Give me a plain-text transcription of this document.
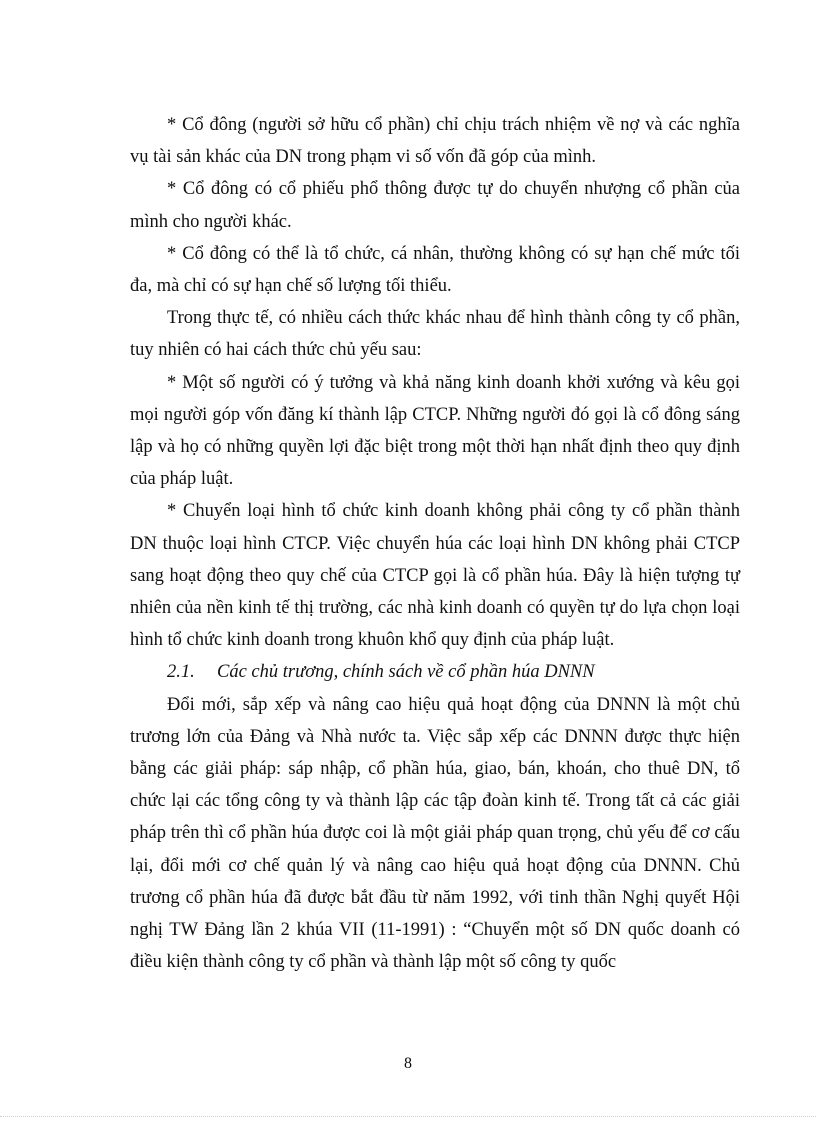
* Cổ đông (người sở hữu cổ phần) chỉ chịu trách nhiệm về nợ và các nghĩa vụ tài sản khác của DN trong phạm vi số vốn đã góp của mình.

* Cổ đông có cổ phiếu phổ thông được tự do chuyển nhượng cổ phần của mình cho người khác.

* Cổ đông có thể là tổ chức, cá nhân, thường không có sự hạn chế mức tối đa, mà chỉ có sự hạn chế số lượng tối thiểu.

Trong thực tế, có nhiều cách thức khác nhau để hình thành công ty cổ phần, tuy nhiên có hai cách thức chủ yếu sau:

* Một số người có ý tưởng và khả năng kinh doanh khởi xướng và kêu gọi mọi người góp vốn đăng kí thành lập CTCP. Những người đó gọi là cổ đông sáng lập và họ có những quyền lợi đặc biệt trong một thời hạn nhất định theo quy định của pháp luật.

* Chuyển loại hình tổ chức kinh doanh không phải công ty cổ phần thành DN thuộc loại hình CTCP. Việc chuyển húa các loại hình DN không phải CTCP sang hoạt động theo quy chế của CTCP gọi là cổ phần húa. Đây là hiện tượng tự nhiên của nền kinh tế thị trường, các nhà kinh doanh có quyền tự do lựa chọn loại hình tổ chức kinh doanh trong khuôn khổ quy định của pháp luật.

2.1. Các chủ trương, chính sách về cổ phần húa DNNN

Đổi mới, sắp xếp và nâng cao hiệu quả hoạt động của DNNN là một chủ trương lớn của Đảng và Nhà nước ta. Việc sắp xếp các DNNN được thực hiện bằng các giải pháp: sáp nhập, cổ phần húa, giao, bán, khoán, cho thuê DN, tổ chức lại các tổng công ty và thành lập các tập đoàn kinh tế. Trong tất cả các giải pháp trên thì cổ phần húa được coi là một giải pháp quan trọng, chủ yếu để cơ cấu lại, đổi mới cơ chế quản lý và nâng cao hiệu quả hoạt động của DNNN. Chủ trương cổ phần húa đã được bắt đầu từ năm 1992, với tinh thần Nghị quyết Hội nghị TW Đảng lần 2 khúa VII (11-1991) : “Chuyển một số DN quốc doanh có điều kiện thành công ty cổ phần và thành lập một số công ty quốc

8
